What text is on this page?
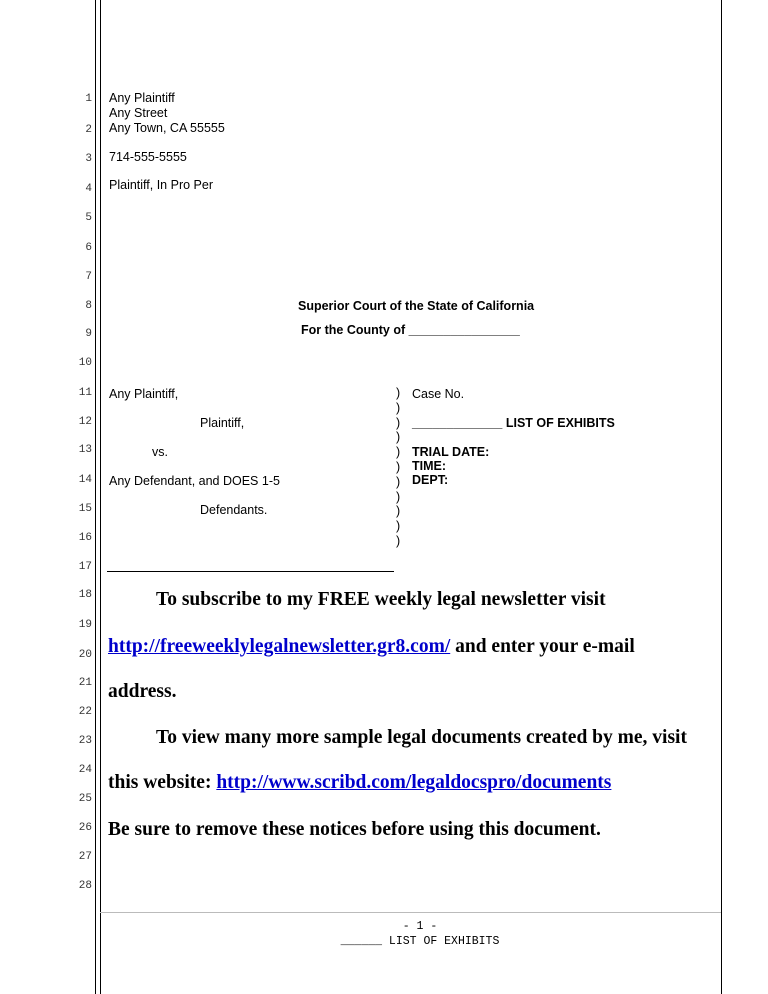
1
2
3
4
5
6
7
8
9
10
11
12
13
14
15
16
17
18
19
20
21
22
23
24
25
26
27
28
Any Plaintiff
Any Street
Any Town, CA 55555
714-555-5555
Plaintiff, In Pro Per
Superior Court of the State of California
For the County of ________________
Any Plaintiff,
Plaintiff,
vs.
Any Defendant, and DOES 1-5
Defendants.
)
)
)
)
)
)
)
)
)
)
)
Case No.
_____________ LIST OF EXHIBITS
TRIAL DATE:
TIME:
DEPT:
To subscribe to my FREE weekly legal newsletter visit
http://freeweeklylegalnewsletter.gr8.com/ and enter your e-mail
address.
To view many more sample legal documents created by me, visit
this website: http://www.scribd.com/legaldocspro/documents
Be sure to remove these notices before using this document.
- 1 -
______ LIST OF EXHIBITS
